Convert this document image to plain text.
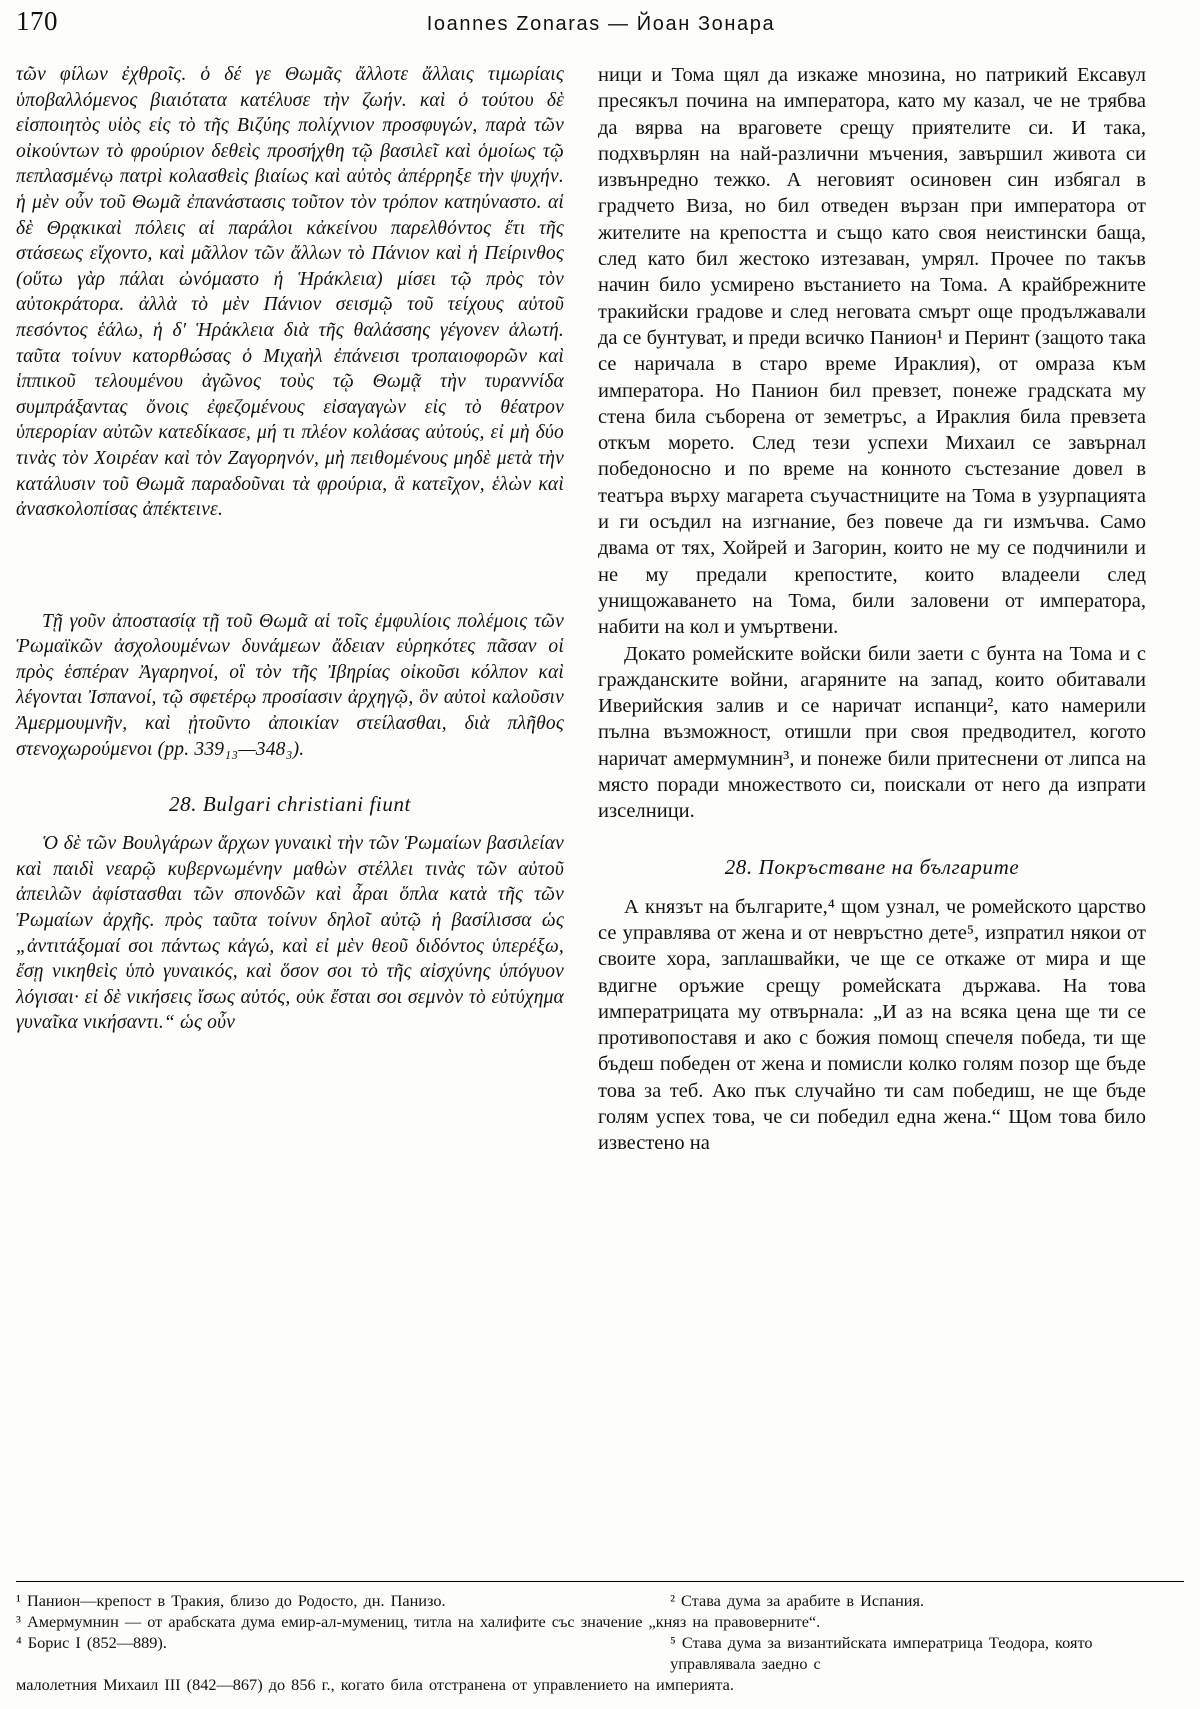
170	Ioannes Zonaras — Йоан Зонара

τῶν φίλων ἐχθροῖς. ὁ δέ γε Θωμᾶς ἄλλοτε ἄλλαις τιμωρίαις ὑποβαλλόμενος βιαιότατα κατέλυσε τὴν ζωήν. καὶ ὁ τούτου δὲ εἰσποιητὸς υἱὸς εἰς τὸ τῆς Βιζύης πολίχνιον προσφυγών, παρὰ τῶν οἰκούντων τὸ φρούριον δεθεὶς προσήχθη τῷ βασιλεῖ καὶ ὁμοίως τῷ πεπλασμένῳ πατρὶ κολασθεὶς βιαίως καὶ αὐτὸς ἀπέρρηξε τὴν ψυχήν. ἡ μὲν οὖν τοῦ Θωμᾶ ἐπανάστασις τοῦτον τὸν τρόπον κατηύναστο. αἱ δὲ Θρᾳκικαὶ πόλεις αἱ παράλοι κἀκείνου παρελθόντος ἔτι τῆς στάσεως εἴχοντο, καὶ μᾶλλον τῶν ἄλλων τὸ Πάνιον καὶ ἡ Πείρινθος (οὕτω γὰρ πάλαι ὠνόμαστο ἡ Ἡράκλεια) μίσει τῷ πρὸς τὸν αὐτοκράτορα. ἀλλὰ τὸ μὲν Πάνιον σεισμῷ τοῦ τείχους αὐτοῦ πεσόντος ἑάλω, ἡ δ' Ἡράκλεια διὰ τῆς θαλάσσης γέγονεν ἁλωτή. ταῦτα τοίνυν κατορθώσας ὁ Μιχαὴλ ἐπάνεισι τροπαιοφορῶν καὶ ἱππικοῦ τελουμένου ἀγῶνος τοὺς τῷ Θωμᾷ τὴν τυραννίδα συμπράξαντας ὄνοις ἐφεζομένους εἰσαγαγὼν εἰς τὸ θέατρον ὑπερορίαν αὐτῶν κατεδίκασε, μή τι πλέον κολάσας αὐτούς, εἰ μὴ δύο τινὰς τὸν Χοιρέαν καὶ τὸν Ζαγορηνόν, μὴ πειθομένους μηδὲ μετὰ τὴν κατάλυσιν τοῦ Θωμᾶ παραδοῦναι τὰ φρούρια, ἃ κατεῖχον, ἑλὼν καὶ ἀνασκολοπίσας ἀπέκτεινε.

Τῇ γοῦν ἀποστασίᾳ τῇ τοῦ Θωμᾶ αἱ τοῖς ἐμφυλίοις πολέμοις τῶν Ῥωμαϊκῶν ἀσχολουμένων δυνάμεων ἄδειαν εὑρηκότες πᾶσαν οἱ πρὸς ἑσπέραν Ἀγαρηνοί, οἳ τὸν τῆς Ἰβηρίας οἰκοῦσι κόλπον καὶ λέγονται Ἰσπανοί, τῷ σφετέρῳ προσίασιν ἀρχηγῷ, ὃν αὐτοὶ καλοῦσιν Ἀμερμουμνῆν, καὶ ᾐτοῦντο ἀποικίαν στείλασθαι, διὰ πλῆθος στενοχωρούμενοι (pp. 339₁₃—348₃).

28. Bulgari christiani fiunt

Ὁ δὲ τῶν Βουλγάρων ἄρχων γυναικὶ τὴν τῶν Ῥωμαίων βασιλείαν καὶ παιδὶ νεαρῷ κυβερνωμένην μαθὼν στέλλει τινὰς τῶν αὐτοῦ ἀπειλῶν ἀφίστασθαι τῶν σπονδῶν καὶ ἆραι ὅπλα κατὰ τῆς τῶν Ῥωμαίων ἀρχῆς. πρὸς ταῦτα τοίνυν δηλοῖ αὐτῷ ἡ βασίλισσα ὡς „ἀντιτάξομαί σοι πάντως κἀγώ, καὶ εἰ μὲν θεοῦ διδόντος ὑπερέξω, ἔσῃ νικηθεὶς ὑπὸ γυναικός, καὶ ὅσον σοι τὸ τῆς αἰσχύνης ὑπόγυον λόγισαι· εἰ δὲ νικήσεις ἴσως αὐτός, οὐκ ἔσται σοι σεμνὸν τὸ εὐτύχημα γυναῖκα νικήσαντι.“ ὡς οὖν

ници и Тома щял да изкаже мнозина, но патрикий Ексавул пресякъл почина на императора, като му казал, че не трябва да вярва на враговете срещу приятелите си. И така, подхвърлян на най-различни мъчения, завършил живота си извънредно тежко. А неговият осиновен син избягал в градчето Виза, но бил отведен вързан при императора от жителите на крепостта и също като своя неистински баща, след като бил жестоко изтезаван, умрял. Прочее по такъв начин било усмирено въстанието на Тома. А крайбрежните тракийски градове и след неговата смърт още продължавали да се бунтуват, и преди всичко Панион¹ и Перинт (защото така се наричала в старо време Ираклия), от омраза към императора. Но Панион бил превзет, понеже градската му стена била съборена от земетръс, а Ираклия била превзета откъм морето. След тези успехи Михаил се завърнал победоносно и по време на конното състезание довел в театъра върху магарета съучастниците на Тома в узурпацията и ги осъдил на изгнание, без повече да ги измъчва. Само двама от тях, Хойрей и Загорин, които не му се подчинили и не му предали крепостите, които владеели след унищожаването на Тома, били заловени от императора, набити на кол и умъртвени.

Докато ромейските войски били заети с бунта на Тома и с гражданските войни, агаряните на запад, които обитавали Иверийския залив и се наричат испанци², като намерили пълна възможност, отишли при своя предводител, когото наричат амермумнин³, и понеже били притеснени от липса на място поради множеството си, поискали от него да изпрати изселници.

28. Покръстване на българите

А князът на българите,⁴ щом узнал, че ромейското царство се управлява от жена и от невръстно дете⁵, изпратил някои от своите хора, заплашвайки, че ще се откаже от мира и ще вдигне оръжие срещу ромейската държава. На това императрицата му отвърнала: „И аз на всяка цена ще ти се противопоставя и ако с божия помощ спечеля победа, ти ще бъдеш победен от жена и помисли колко голям позор ще бъде това за теб. Ако пък случайно ти сам победиш, не ще бъде голям успех това, че си победил една жена.“ Щом това било известено на

¹ Панион—крепост в Тракия, близо до Родосто, дн. Панизо.	² Става дума за арабите в Испания.
³ Амермумнин — от арабската дума емир-ал-мумениц, титла на халифите със значение „княз на правоверните“.
⁴ Борис I (852—889).	⁵ Става дума за византийската императрица Теодора, която управлявала заедно с
малолетния Михаил III (842—867) до 856 г., когато била отстранена от управлението на империята.
